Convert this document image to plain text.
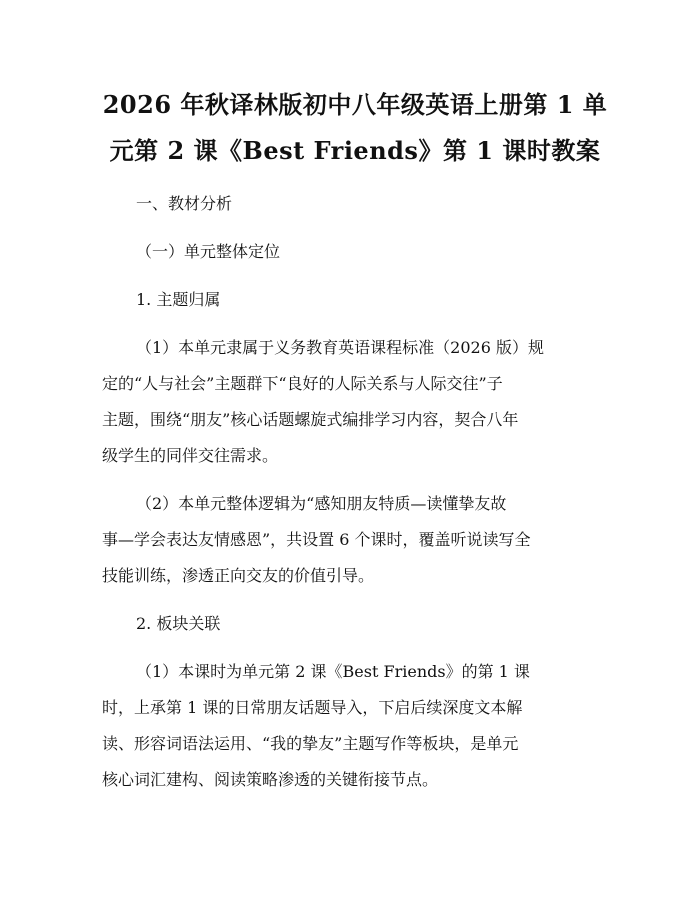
2026 年秋译林版初中八年级英语上册第 1 单
元第 2 课《Best Friends》第 1 课时教案

一、教材分析

（一）单元整体定位

1. 主题归属

（1）本单元隶属于义务教育英语课程标准（2026 版）规
定的“人与社会”主题群下“良好的人际关系与人际交往”子
主题，围绕“朋友”核心话题螺旋式编排学习内容，契合八年
级学生的同伴交往需求。

（2）本单元整体逻辑为“感知朋友特质—读懂挚友故
事—学会表达友情感恩”，共设置 6 个课时，覆盖听说读写全
技能训练，渗透正向交友的价值引导。

2. 板块关联

（1）本课时为单元第 2 课《Best Friends》的第 1 课
时，上承第 1 课的日常朋友话题导入，下启后续深度文本解
读、形容词语法运用、“我的挚友”主题写作等板块，是单元
核心词汇建构、阅读策略渗透的关键衔接节点。
